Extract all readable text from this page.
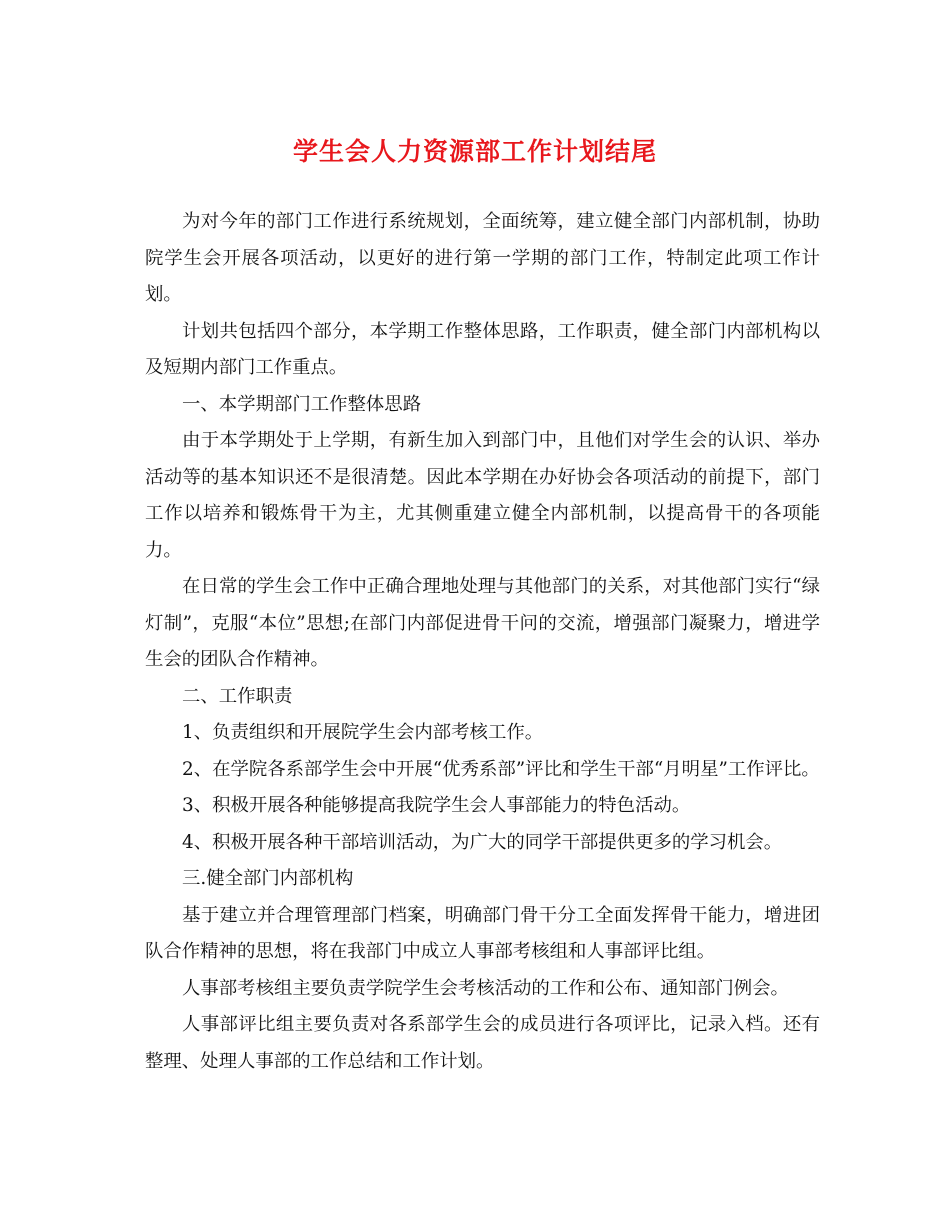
学生会人力资源部工作计划结尾

为对今年的部门工作进行系统规划，全面统筹，建立健全部门内部机制，协助院学生会开展各项活动，以更好的进行第一学期的部门工作，特制定此项工作计划。

计划共包括四个部分，本学期工作整体思路，工作职责，健全部门内部机构以及短期内部门工作重点。

一、本学期部门工作整体思路

由于本学期处于上学期，有新生加入到部门中，且他们对学生会的认识、举办活动等的基本知识还不是很清楚。因此本学期在办好协会各项活动的前提下，部门工作以培养和锻炼骨干为主，尤其侧重建立健全内部机制，以提高骨干的各项能力。

在日常的学生会工作中正确合理地处理与其他部门的关系，对其他部门实行“绿灯制”，克服“本位”思想;在部门内部促进骨干问的交流，增强部门凝聚力，增进学生会的团队合作精神。

二、工作职责

1、负责组织和开展院学生会内部考核工作。

2、在学院各系部学生会中开展“优秀系部”评比和学生干部“月明星”工作评比。

3、积极开展各种能够提高我院学生会人事部能力的特色活动。

4、积极开展各种干部培训活动，为广大的同学干部提供更多的学习机会。

三.健全部门内部机构

基于建立并合理管理部门档案，明确部门骨干分工全面发挥骨干能力，增进团队合作精神的思想，将在我部门中成立人事部考核组和人事部评比组。

人事部考核组主要负责学院学生会考核活动的工作和公布、通知部门例会。

人事部评比组主要负责对各系部学生会的成员进行各项评比，记录入档。还有整理、处理人事部的工作总结和工作计划。
